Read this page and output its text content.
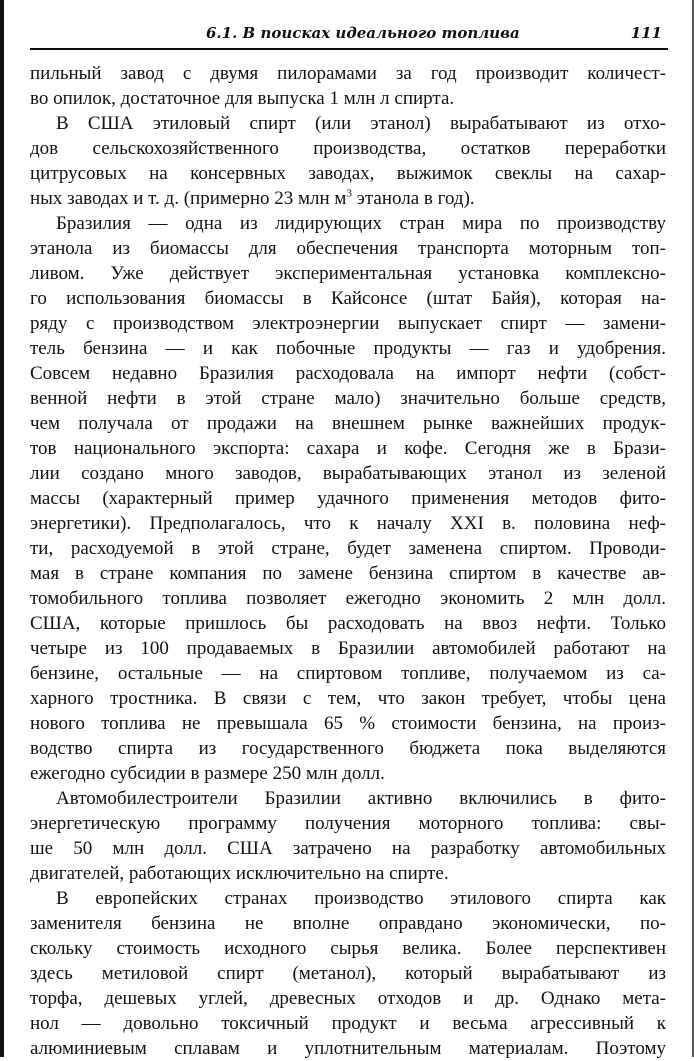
6.1. В поисках идеального топлива	111
пильный завод с двумя пилорамами за год производит количест-
во опилок, достаточное для выпуска 1 млн л спирта.
В США этиловый спирт (или этанол) вырабатывают из отхо-
дов сельскохозяйственного производства, остатков переработки
цитрусовых на консервных заводах, выжимок свеклы на сахар-
ных заводах и т. д. (примерно 23 млн $м^3$ этанола в год).
Бразилия — одна из лидирующих стран мира по производству
этанола из биомассы для обеспечения транспорта моторным топ-
ливом. Уже действует экспериментальная установка комплексно-
го использования биомассы в Кайсонсе (штат Байя), которая на-
ряду с производством электроэнергии выпускает спирт — замени-
тель бензина — и как побочные продукты — газ и удобрения.
Совсем недавно Бразилия расходовала на импорт нефти (собст-
венной нефти в этой стране мало) значительно больше средств,
чем получала от продажи на внешнем рынке важнейших продук-
тов национального экспорта: сахара и кофе. Сегодня же в Брази-
лии создано много заводов, вырабатывающих этанол из зеленой
массы (характерный пример удачного применения методов фито-
энергетики). Предполагалось, что к началу XXI в. половина неф-
ти, расходуемой в этой стране, будет заменена спиртом. Проводи-
мая в стране компания по замене бензина спиртом в качестве ав-
томобильного топлива позволяет ежегодно экономить 2 млн долл.
США, которые пришлось бы расходовать на ввоз нефти. Только
четыре из 100 продаваемых в Бразилии автомобилей работают на
бензине, остальные — на спиртовом топливе, получаемом из са-
харного тростника. В связи с тем, что закон требует, чтобы цена
нового топлива не превышала 65 % стоимости бензина, на произ-
водство спирта из государственного бюджета пока выделяются
ежегодно субсидии в размере 250 млн долл.
Автомобилестроители Бразилии активно включились в фито-
энергетическую программу получения моторного топлива: свы-
ше 50 млн долл. США затрачено на разработку автомобильных
двигателей, работающих исключительно на спирте.
В европейских странах производство этилового спирта как
заменителя бензина не вполне оправдано экономически, по-
скольку стоимость исходного сырья велика. Более перспективен
здесь метиловой спирт (метанол), который вырабатывают из
торфа, дешевых углей, древесных отходов и др. Однако мета-
нол — довольно токсичный продукт и весьма агрессивный к
алюминиевым сплавам и уплотнительным материалам. Поэтому
